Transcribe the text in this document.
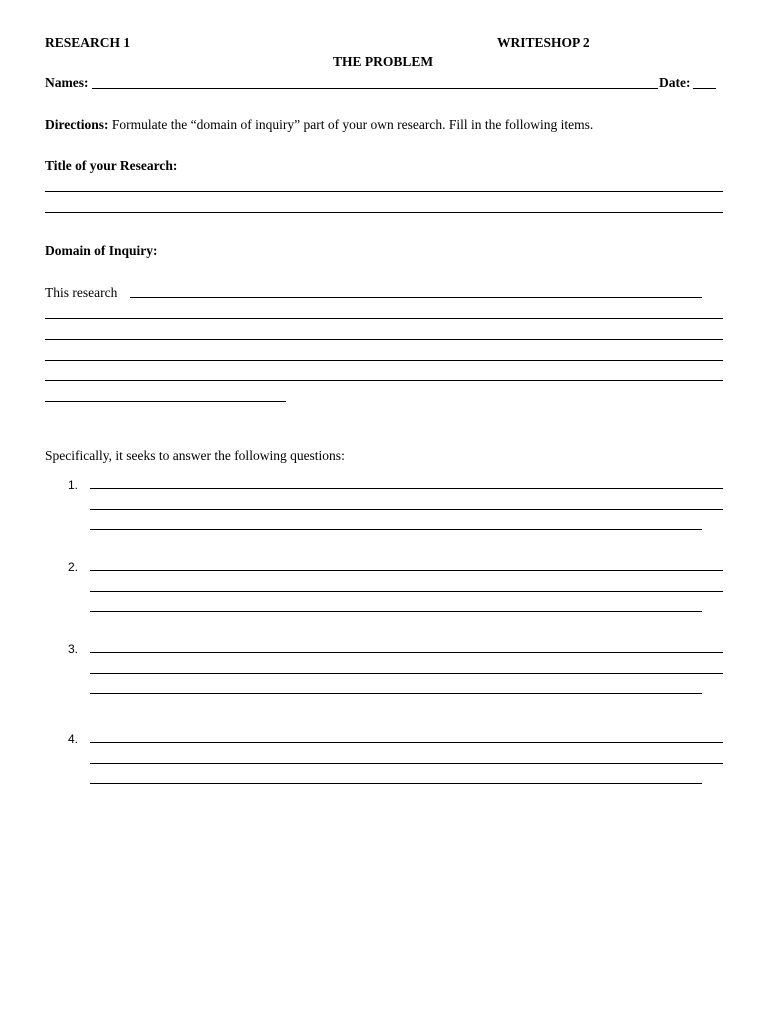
RESEARCH 1	WRITESHOP 2
THE PROBLEM
Names:	Date:
Directions: Formulate the “domain of inquiry” part of your own research. Fill in the following items.
Title of your Research:
Domain of Inquiry:
This research
Specifically, it seeks to answer the following questions:
1.
2.
3.
4.
